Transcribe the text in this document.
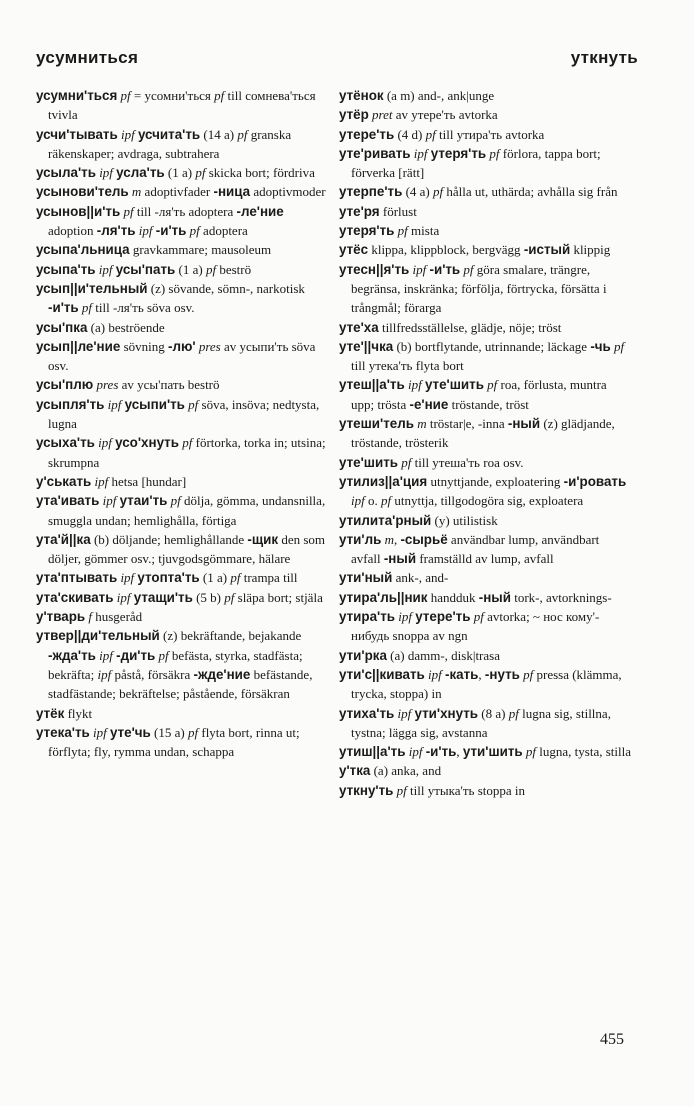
усумниться	уткнуть

усумни'ться pf = усомни'ться pf till сомнева'ться tvivla

усчи'тывать ipf усчита'ть (14 a) pf granska räkenskaper; avdraga, subtrahera

усыла'ть ipf усла'ть (1 a) pf skicka bort; fördriva

усынови'тель m adoptivfader -ница adoptivmoder

усынов||и'ть pf till -ля'ть adoptera -ле'ние adoption -ля'ть ipf -и'ть pf adoptera

усыпа'льница gravkammare; mausoleum

усыпа'ть ipf усы'пать (1 a) pf beströ

усып||и'тельный (z) sövande, sömn-, narkotisk -и'ть pf till -ля'ть söva osv.

усы'пка (a) beströende

усып||ле'ние sövning -лю' pres av усыпи'ть söva osv.

усы'плю pres av усы'пать beströ

усыпля'ть ipf усыпи'ть pf söva, insöva; nedtysta, lugna

усыха'ть ipf усо'хнуть pf förtorka, torka in; utsina; skrumpna

у'ськать ipf hetsa [hundar]

ута'ивать ipf утаи'ть pf dölja, gömma, undansnilla, smuggla undan; hemlighålla, förtiga

ута'й||ка (b) döljande; hemlighållande -щик den som döljer, gömmer osv.; tjuvgodsgömmare, hälare

ута'птывать ipf утопта'ть (1 a) pf trampa till

ута'скивать ipf утащи'ть (5 b) pf släpa bort; stjäla

у'тварь f husgeråd

утвер||ди'тельный (z) bekräftande, bejakande -жда'ть ipf -ди'ть pf befästa, styrka, stadfästa; bekräfta; ipf påstå, försäkra -жде'ние befästande, stadfästande; bekräftelse; påstående, försäkran

утёк flykt

утека'ть ipf уте'чь (15 a) pf flyta bort, rinna ut; förflyta; fly, rymma undan, schappa

утёнок (a m) and-, ank|unge

утёр pret av утере'ть avtorka

утере'ть (4 d) pf till утира'ть avtorka

уте'ривать ipf утеря'ть pf förlora, tappa bort; förverka [rätt]

утерпе'ть (4 a) pf hålla ut, uthärda; avhålla sig från

уте'ря förlust

утеря'ть pf mista

утёс klippa, klippblock, bergvägg -истый klippig

утесн||я'ть ipf -и'ть pf göra smalare, trängre, begränsa, inskränka; förfölja, förtrycka, försätta i trångmål; förarga

уте'ха tillfredsställelse, glädje, nöje; tröst

уте'||чка (b) bortflytande, utrinnande; läckage -чь pf till утека'ть flyta bort

утеш||а'ть ipf уте'шить pf roa, förlusta, muntra upp; trösta -е'ние tröstande, tröst

утеши'тель m tröstar|e, -inna -ный (z) glädjande, tröstande, trösterik

уте'шить pf till утеша'ть roa osv.

утилиз||а'ция utnyttjande, exploatering -и'ровать ipf o. pf utnyttja, tillgodogöra sig, exploatera

утилита'рный (y) utilistisk

ути'ль m, -сырьё användbar lump, användbart avfall -ный framställd av lump, avfall

ути'ный ank-, and-

утира'ль||ник handduk -ный tork-, avtorknings-

утира'ть ipf утере'ть pf avtorka; ~ нос кому'-нибудь snoppa av ngn

ути'рка (a) damm-, disk|trasa

ути'с||кивать ipf -кать, -нуть pf pressa (klämma, trycka, stoppa) in

утиха'ть ipf ути'хнуть (8 a) pf lugna sig, stillna, tystna; lägga sig, avstanna

утиш||а'ть ipf -и'ть, ути'шить pf lugna, tysta, stilla

у'тка (a) anka, and

уткну'ть pf till утыка'ть stoppa in

455
